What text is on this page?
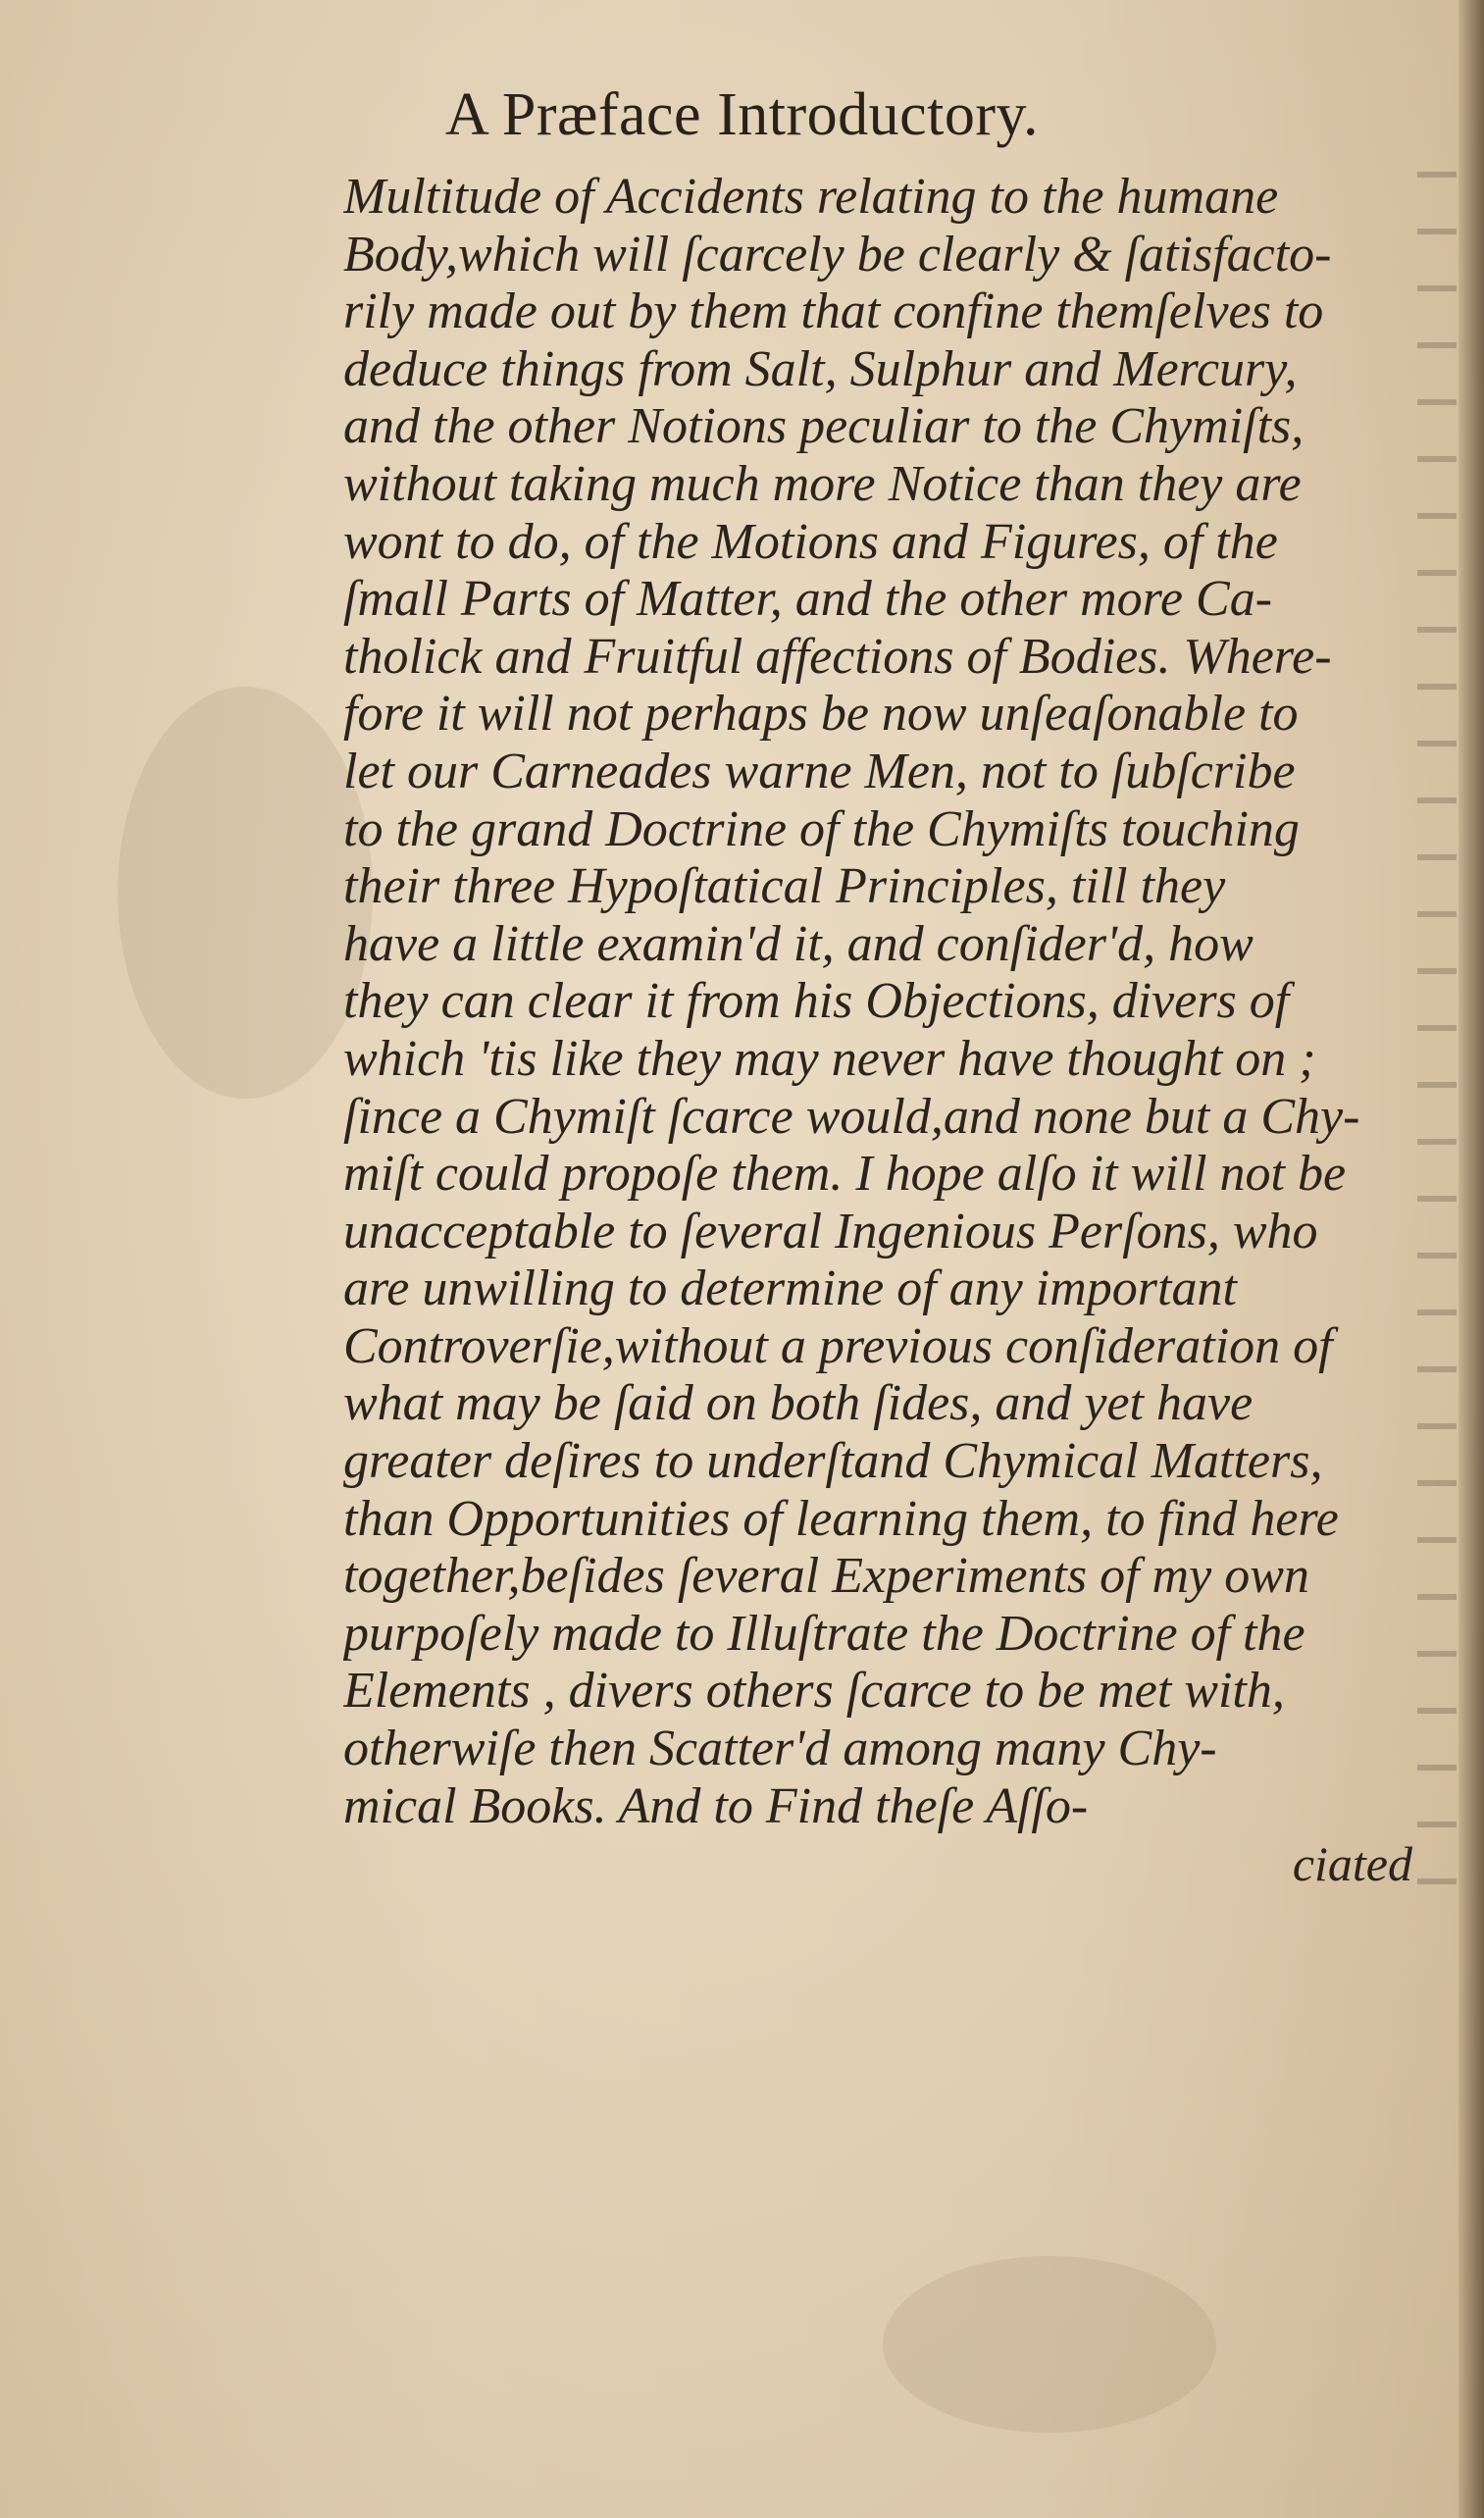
A Præface Introductory.
Multitude of Accidents relating to the humane
Body,which will ſcarcely be clearly & ſatisfacto-
rily made out by them that confine themſelves to
deduce things from Salt, Sulphur and Mercury,
and the other Notions peculiar to the Chymiſts,
without taking much more Notice than they are
wont to do, of the Motions and Figures, of the
ſmall Parts of Matter, and the other more Ca-
tholick and Fruitful affections of Bodies. Where-
fore it will not perhaps be now unſeaſonable to
let our Carneades warne Men, not to ſubſcribe
to the grand Doctrine of the Chymiſts touching
their three Hypoſtatical Principles, till they
have a little examin'd it, and conſider'd, how
they can clear it from his Objections, divers of
which 'tis like they may never have thought on ;
ſince a Chymiſt ſcarce would,and none but a Chy-
miſt could propoſe them. I hope alſo it will not be
unacceptable to ſeveral Ingenious Perſons, who
are unwilling to determine of any important
Controverſie,without a previous conſideration of
what may be ſaid on both ſides, and yet have
greater deſires to underſtand Chymical Matters,
than Opportunities of learning them, to find here
together,beſides ſeveral Experiments of my own
purpoſely made to Illuſtrate the Doctrine of the
Elements , divers others ſcarce to be met with,
otherwiſe then Scatter'd among many Chy-
mical Books. And to Find theſe Aſſo-
ciated
